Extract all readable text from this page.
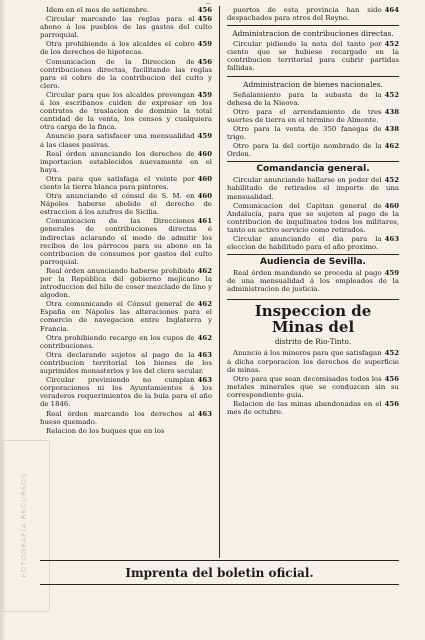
—
FOTOGRAFIA RECURSOS
456
Idem en el mes de setiembre.
456
Circular marcando las reglas para el abono á los pueblos de las gastos del culto parroquial.
459
Otra prohibiendo á los alcaldes el cobro de los derechos de hipotecas.
456
Comunicacion de la Direccion de contribuciones directas, facilitando las reglas para el cobro de la contribucion del culto y clero.
459
Circular para que los alcaldes prevengan á los escribanos cuiden de expresar en los contratos de traslacion de dominio la total cantidad de la venta, los censos y cualquiera otra carga de la finca.
459
Anuncio para satisfacer una mensualidad á las clases pasivas.
460
Real órden anunciando los derechos de importacion establecidos nuevamente en el haya.
460
Otra para que satisfaga el veinte por ciento la tierra blanca para pintores.
460
Otra anunciando el cónsul de S. M. en Nápoles haberse abolido el derecho de estraccion á los azufres de Sicilia.
461
Comunicacion de las Direcciones generales de contribuciones directas é indirectas aclarando el modo de admitir los recibos de los párrocos para su abono en la contribucion de consumos por gastos del culto parroquial.
462
Real órden anunciando haberse prohibido por la República del gobierno mejicano la introduccion del hilo de coser mezclado de lino y algodon.
462
Otra comunicando el Cónsul general de España en Nápoles las alteraciones para el comercio de navegacion entre Inglaterra y Francia.
462
Otra prohibiendo recargo en los cupos de contribuciones.
463
Otra declarando sujetos al pago de la contribucion territorial los bienes de los suprimidos monasterios y los del clero secular.
463
Circular previniendo no cumplan corporaciones ni los Ayuntamientos á los veraderos requerimientos de la bula para el año de 1846.
463
Real órden marcando los derechos al hueso quemado.
Relacion de los buques que en los
464
puertos de esta provincia han sido despachados para otros del Reyno.
Administracion de contribuciones directas.
452
Circular pidiendo la nota del tanto por ciento que se hubiese recargado en la contribucion territorial para cubrir partidas fallidas.
Administracion de bienes nacionales.
452
Señalamiento para la subasta de la dehesa de la Nieova.
438
Otro para el arrendamiento de tres suertes de tierra en el término de Almonte.
438
Otro para la venta de 350 fanegas de trigo.
462
Otro para la del cortijo nombrado de la Orden.
Comandancia general.
452
Circular anunciando hallarse en poder del habilitado de retirados el importe de una mensualidad.
460
Comunicacion del Capitan general de Andalucía, para que se sujeten al pago de la contribucion de inquilinatos todos los militares, tanto en activo servicio como retirados.
463
Circular anunciando el dia para la eleccion de habilitado para el año proximo.
Audiencia de Sevilla.
459
Real órden mandando se proceda al pago de una mensualidad á los empleados de la administracion de justicia.
Inspeccion de Minas del
distrito de Rio-Tinto.
452
Anuncio á los mineros para que satisfagan á dicha corporacion los derechos de superficie de minas.
456
Otro para que sean decomisados todos los metales minerales que se conduzcan sin su correspondiente guia.
456
Relacion de las minas abandonadas en el mes de octubre.
Imprenta del boletin oficial.
